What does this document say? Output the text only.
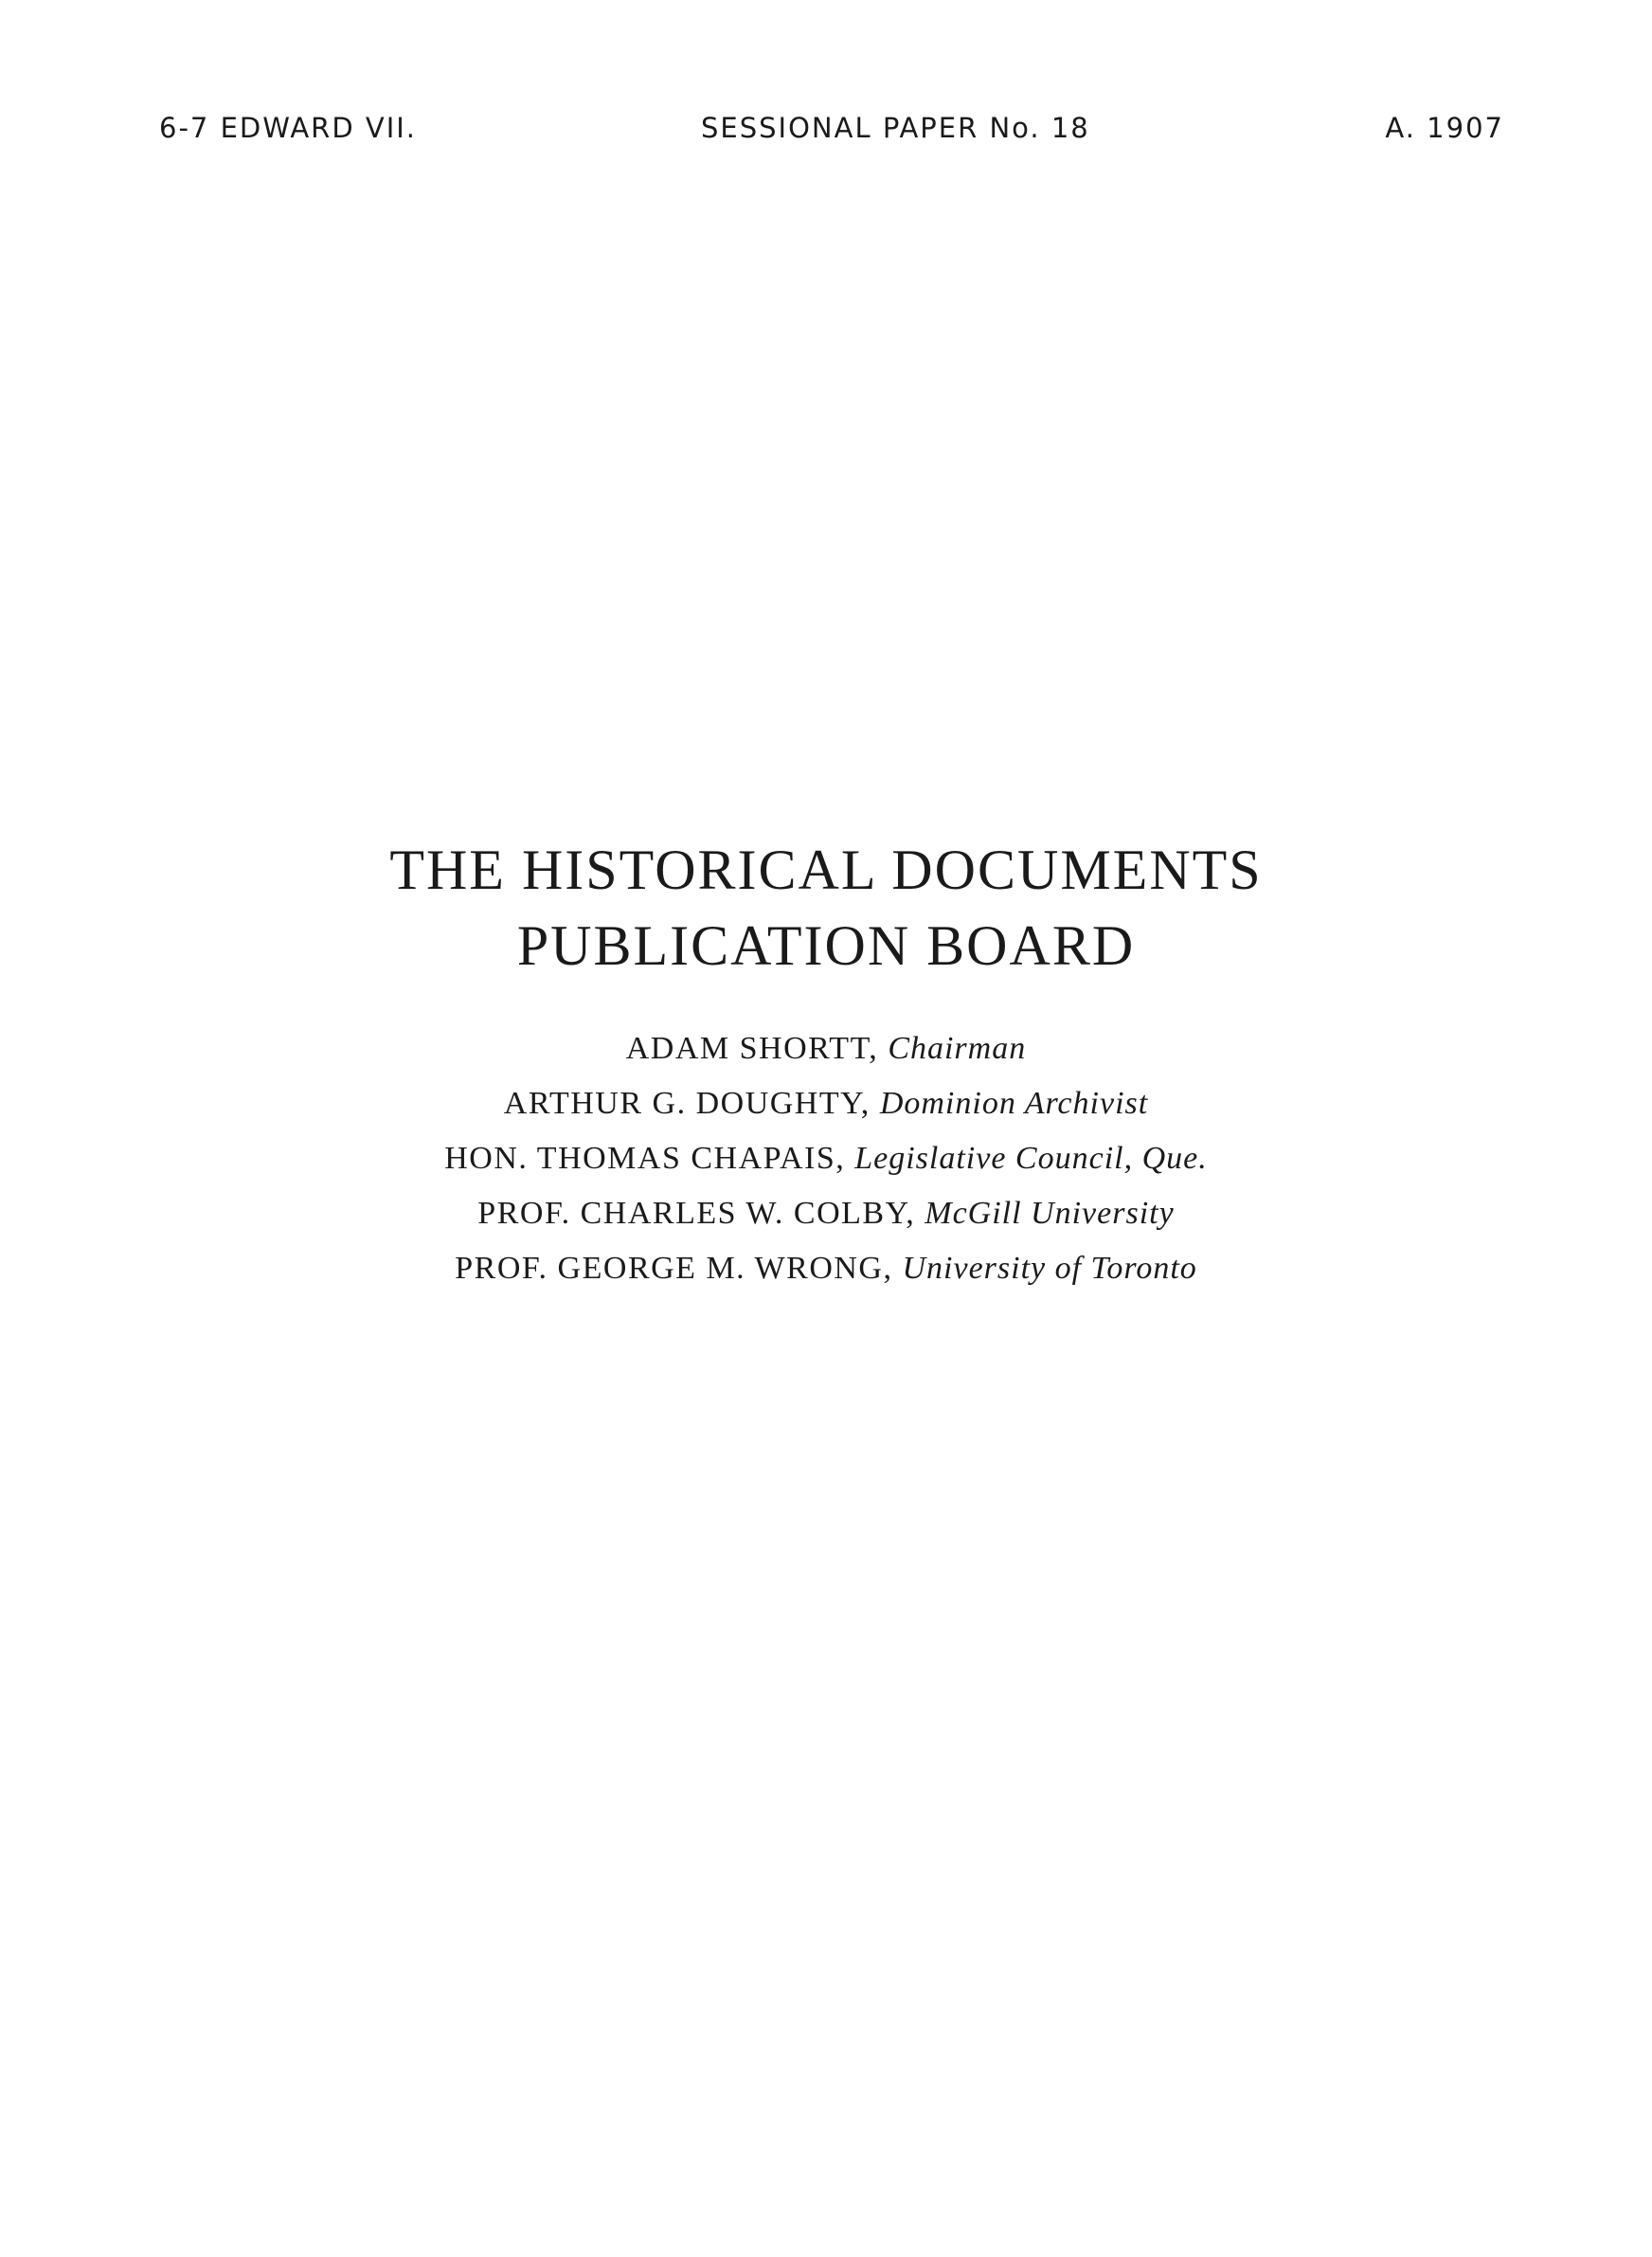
6-7 EDWARD VII.	SESSIONAL PAPER No. 18	A. 1907
THE HISTORICAL DOCUMENTS
PUBLICATION BOARD
ADAM SHORTT, Chairman
ARTHUR G. DOUGHTY, Dominion Archivist
HON. THOMAS CHAPAIS, Legislative Council, Que.
PROF. CHARLES W. COLBY, McGill University
PROF. GEORGE M. WRONG, University of Toronto
